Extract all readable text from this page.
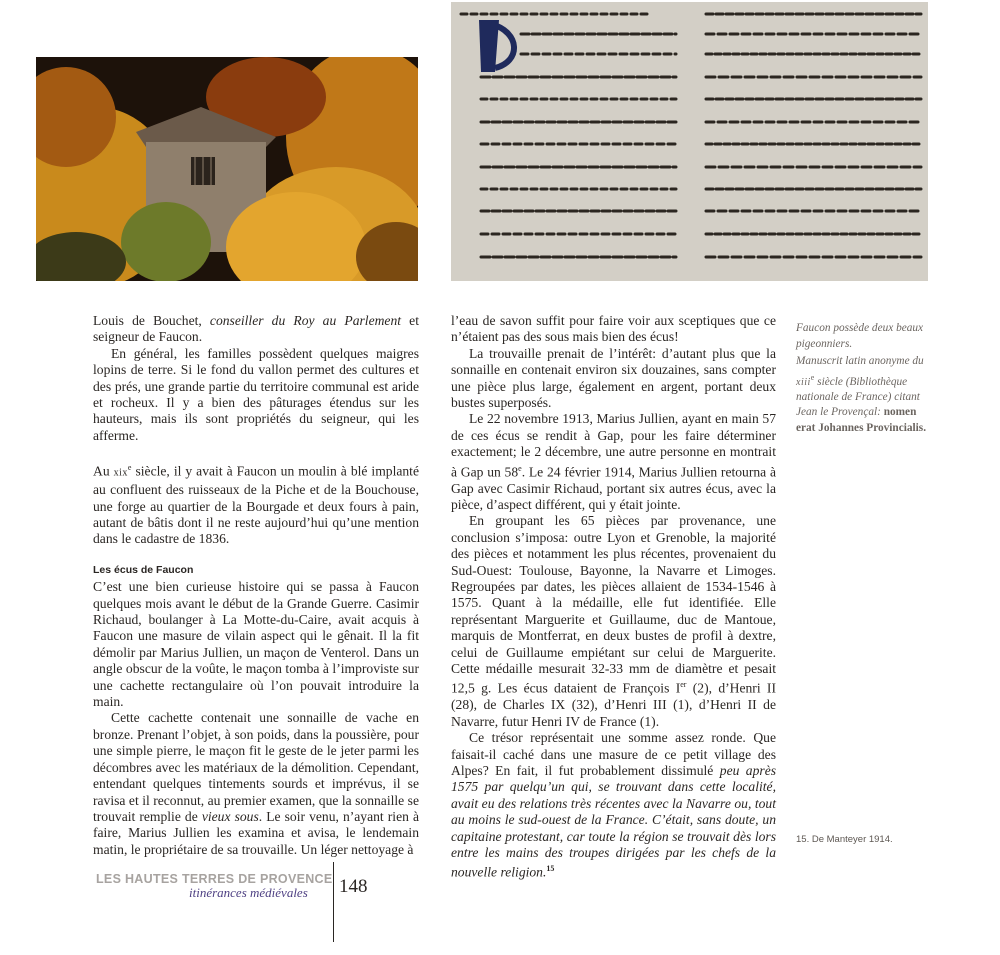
Louis de Bouchet, conseiller du Roy au Parlement et seigneur de Faucon.

En général, les familles possèdent quelques maigres lopins de terre. Si le fond du vallon permet des cultures et des prés, une grande partie du territoire communal est aride et rocheux. Il y a bien des pâturages étendus sur les hauteurs, mais ils sont propriétés du seigneur, qui les afferme.

Au xix$^e$ siècle, il y avait à Faucon un moulin à blé implanté au confluent des ruisseaux de la Piche et de la Bouchouse, une forge au quartier de la Bourgade et deux fours à pain, autant de bâtis dont il ne reste aujourd’hui qu’une mention dans le cadastre de 1836.

Les écus de Faucon

C’est une bien curieuse histoire qui se passa à Faucon quelques mois avant le début de la Grande Guerre. Casimir Richaud, boulanger à La Motte-du-Caire, avait acquis à Faucon une masure de vilain aspect qui le gênait. Il la fit démolir par Marius Jullien, un maçon de Venterol. Dans un angle obscur de la voûte, le maçon tomba à l’improviste sur une cachette rectangulaire où l’on pouvait introduire la main.

Cette cachette contenait une sonnaille de vache en bronze. Prenant l’objet, à son poids, dans la poussière, pour une simple pierre, le maçon fit le geste de le jeter parmi les décombres avec les matériaux de la démolition. Cependant, entendant quelques tintements sourds et imprévus, il se ravisa et il reconnut, au premier examen, que la sonnaille se trouvait remplie de vieux sous. Le soir venu, n’ayant rien à faire, Marius Jullien les examina et avisa, le lendemain matin, le propriétaire de sa trouvaille. Un léger nettoyage à

l’eau de savon suffit pour faire voir aux sceptiques que ce n’étaient pas des sous mais bien des écus!

La trouvaille prenait de l’intérêt: d’autant plus que la sonnaille en contenait environ six douzaines, sans compter une pièce plus large, également en argent, portant deux bustes superposés.

Le 22 novembre 1913, Marius Jullien, ayant en main 57 de ces écus se rendit à Gap, pour les faire déterminer exactement; le 2 décembre, une autre personne en montrait à Gap un 58e. Le 24 février 1914, Marius Jullien retourna à Gap avec Casimir Richaud, portant six autres écus, avec la pièce, d’aspect différent, qui y était jointe.

En groupant les 65 pièces par provenance, une conclusion s’imposa: outre Lyon et Grenoble, la majorité des pièces et notamment les plus récentes, provenaient du Sud-Ouest: Toulouse, Bayonne, la Navarre et Limoges. Regroupées par dates, les pièces allaient de 1534-1546 à 1575. Quant à la médaille, elle fut identifiée. Elle représentant Marguerite et Guillaume, duc de Mantoue, marquis de Montferrat, en deux bustes de profil à dextre, celui de Guillaume empiétant sur celui de Marguerite. Cette médaille mesurait 32-33 mm de diamètre et pesait 12,5 g. Les écus dataient de François Ier (2), d’Henri II (28), de Charles IX (32), d’Henri III (1), d’Henri II de Navarre, futur Henri IV de France (1).

Ce trésor représentait une somme assez ronde. Que faisait-il caché dans une masure de ce petit village des Alpes? En fait, il fut probablement dissimulé peu après 1575 par quelqu’un qui, se trouvant dans cette localité, avait eu des relations très récentes avec la Navarre ou, tout au moins le sud-ouest de la France. C’était, sans doute, un capitaine protestant, car toute la région se trouvait dès lors entre les mains des troupes dirigées par les chefs de la nouvelle religion.$^{15}$

Faucon possède deux beaux pigeonniers.

Manuscrit latin anonyme du xiii$^e$ siècle (Bibliothèque nationale de France) citant Jean le Provençal: nomen erat Johannes Provincialis.

15. De Manteyer 1914.
LES HAUTES TERRES DE PROVENCE
itinérances médiévales 148
